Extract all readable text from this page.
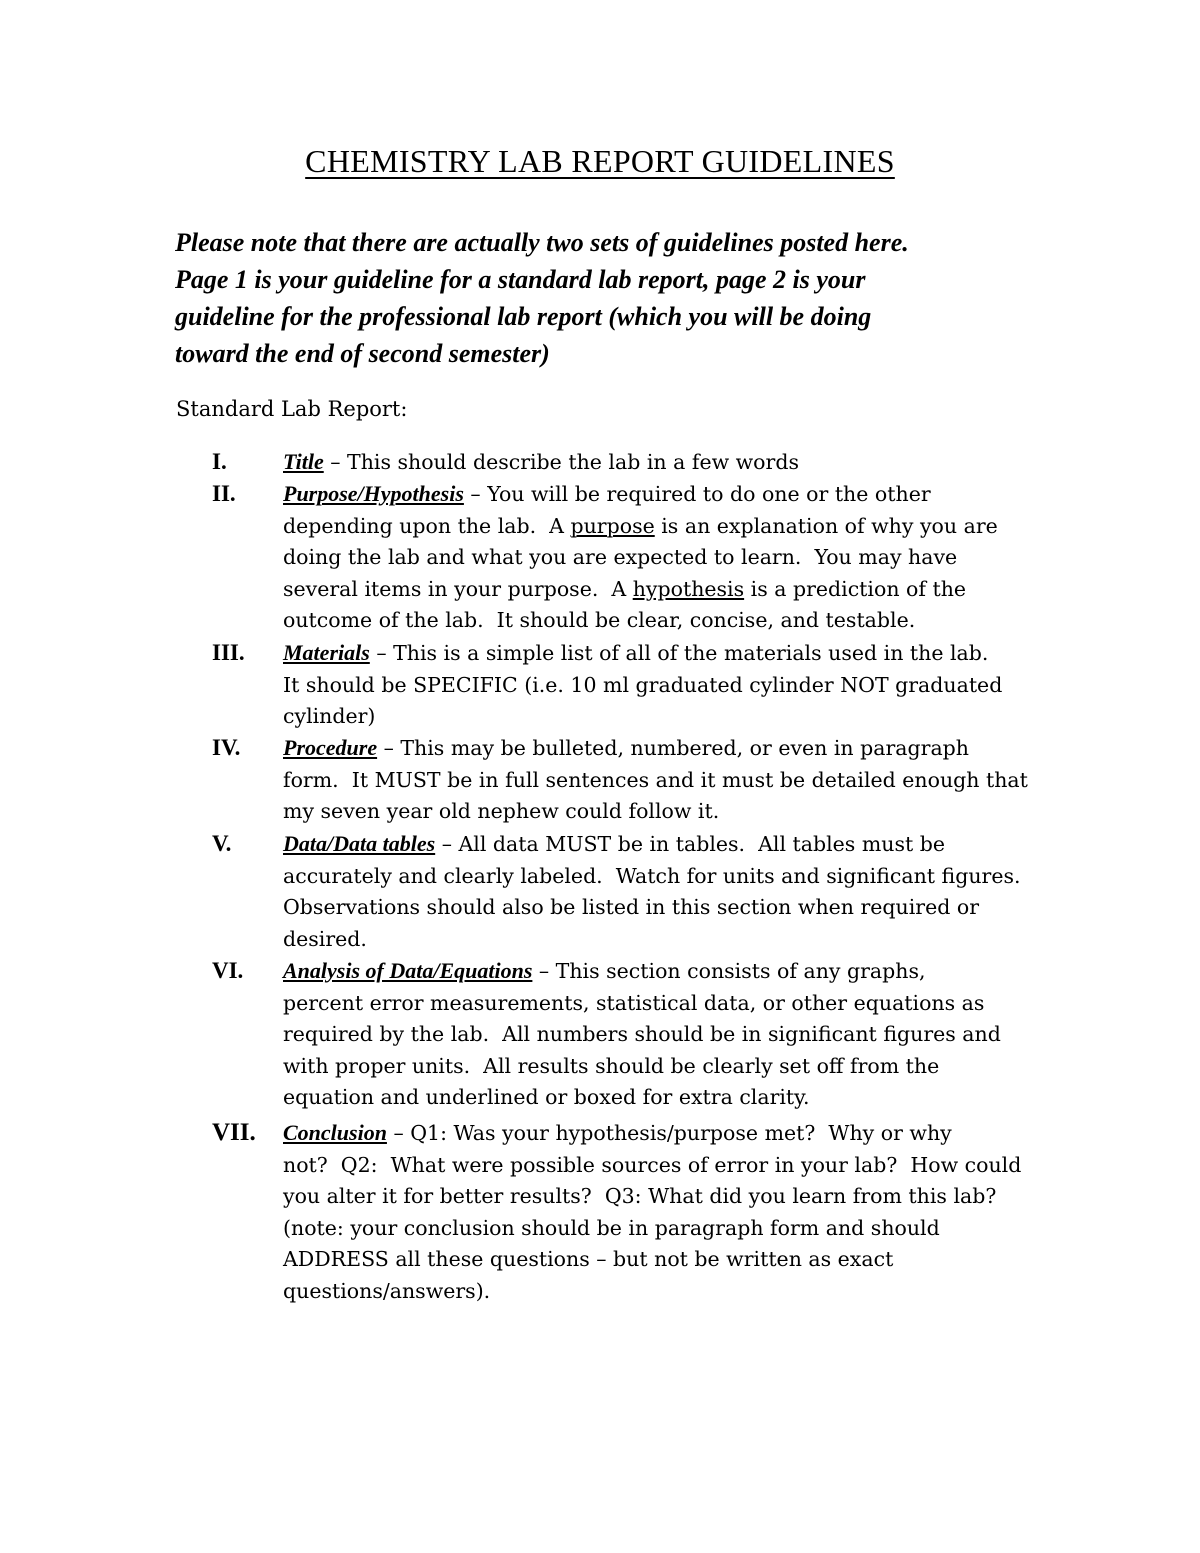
CHEMISTRY LAB REPORT GUIDELINES
Please note that there are actually two sets of guidelines posted here.
Page 1 is your guideline for a standard lab report, page 2 is your
guideline for the professional lab report (which you will be doing
toward the end of second semester)
Standard Lab Report:
I.	Title – This should describe the lab in a few words
II. Purpose/Hypothesis – You will be required to do one or the other
depending upon the lab.  A purpose is an explanation of why you are
doing the lab and what you are expected to learn.  You may have
several items in your purpose.  A hypothesis is a prediction of the
outcome of the lab.  It should be clear, concise, and testable.
III. Materials – This is a simple list of all of the materials used in the lab.
It should be SPECIFIC (i.e. 10 ml graduated cylinder NOT graduated
cylinder)
IV. Procedure – This may be bulleted, numbered, or even in paragraph
form.  It MUST be in full sentences and it must be detailed enough that
my seven year old nephew could follow it.
V. Data/Data tables – All data MUST be in tables.  All tables must be
accurately and clearly labeled.  Watch for units and significant figures.
Observations should also be listed in this section when required or
desired.
VI. Analysis of Data/Equations – This section consists of any graphs,
percent error measurements, statistical data, or other equations as
required by the lab.  All numbers should be in significant figures and
with proper units.  All results should be clearly set off from the
equation and underlined or boxed for extra clarity.
VII. Conclusion – Q1: Was your hypothesis/purpose met?  Why or why
not?  Q2:  What were possible sources of error in your lab?  How could
you alter it for better results?  Q3: What did you learn from this lab?
(note: your conclusion should be in paragraph form and should
ADDRESS all these questions – but not be written as exact
questions/answers).
